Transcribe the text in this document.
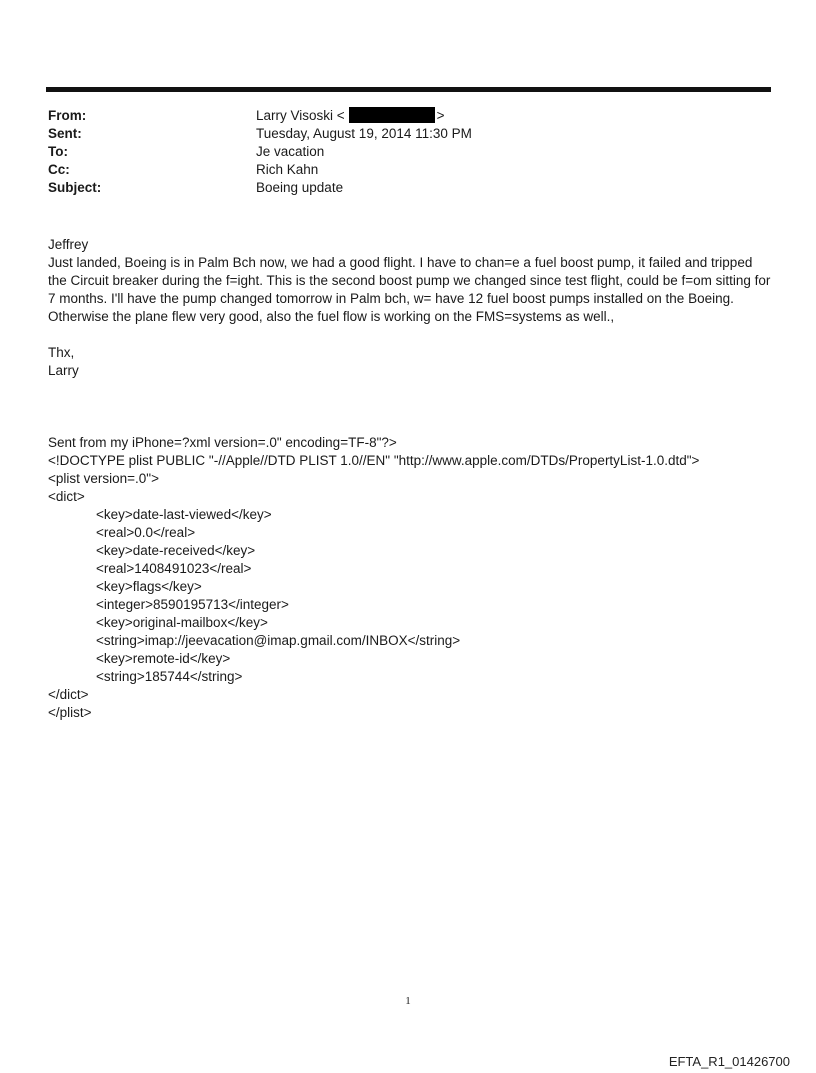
From:	Larry Visoski <	>
Sent:	Tuesday, August 19, 2014 11:30 PM
To:	Je vacation
Cc:	Rich Kahn
Subject:	Boeing update

Jeffrey

Just landed, Boeing is in Palm Bch now, we had a good flight. I have to chan=e a fuel boost pump, it failed and tripped the Circuit breaker during the f=ight. This is the second boost pump we changed since test flight, could be f=om sitting for 7 months. I'll have the pump changed tomorrow in Palm bch, w= have 12 fuel boost pumps installed on the Boeing. Otherwise the plane flew very good, also the fuel flow is working on the FMS=systems as well.,

Thx,

Larry

Sent from my iPhone=?xml version=.0" encoding=TF-8"?>
<!DOCTYPE plist PUBLIC "-//Apple//DTD PLIST 1.0//EN" "http://www.apple.com/DTDs/PropertyList-1.0.dtd">
<plist version=.0">
<dict>
<key>date-last-viewed</key>
<real>0.0</real>
<key>date-received</key>
<real>1408491023</real>
<key>flags</key>
<integer>8590195713</integer>
<key>original-mailbox</key>
<string>imap://jeevacation@imap.gmail.com/INBOX</string>
<key>remote-id</key>
<string>185744</string>
</dict>
</plist>
1
EFTA_R1_01426700
